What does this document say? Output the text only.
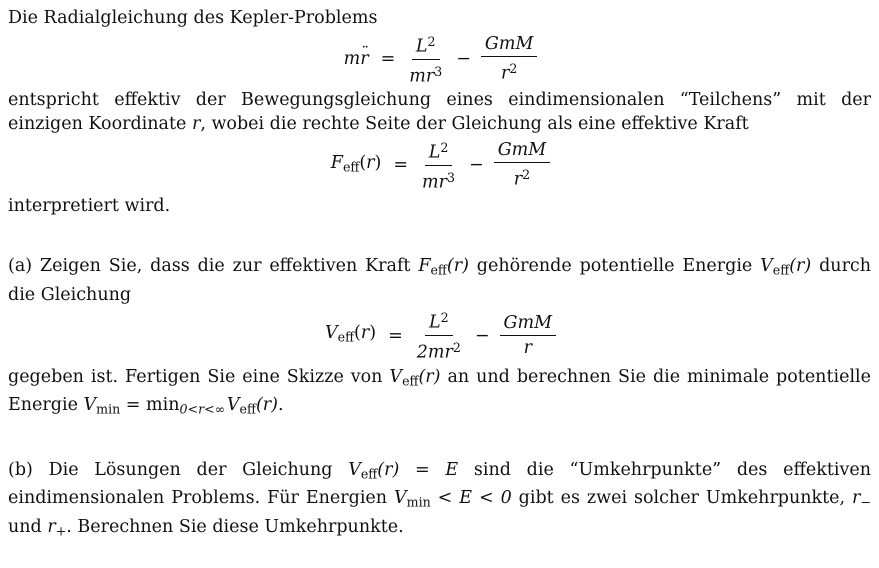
Die Radialgleichung des Kepler-Problems

mr ¨ = $\frac{L^2}{mr^3} - \frac{\text{GmM}}{r^2}$

entspricht effektiv der Bewegungsgleichung eines eindimensionalen “Teilchens” mit der einzigen Koordinate r, wobei die rechte Seite der Gleichung als eine effektive Kraft

$F_{eff}(r) = \frac{L^2}{mr^3} - \frac{\text{GmM}}{r^2}$

interpretiert wird.

(a) Zeigen Sie, dass die zur effektiven Kraft $F_{eff}(r)$ gehörende potentielle Energie $V_{eff}(r)$ durch die Gleichung

$V_{eff}(r) = \frac{L^2}{2mr^2} - \frac{\text{GmM}}{r}$

gegeben ist. Fertigen Sie eine Skizze von $V_{eff}(r)$ an und berechnen Sie die minimale potentielle Energie $V_{min} = \min_{0<r<\infty}$  $V_{eff}(r)$.

(b) Die Lösungen der Gleichung $V_{eff}(r) = E$ sind die “Umkehrpunkte” des effektiven eindimensionalen Problems. Für Energien $V_{min} < E < 0$ gibt es zwei solcher Umkehrpunkte, $r_-$ und $r_+$. Berechnen Sie diese Umkehrpunkte.
